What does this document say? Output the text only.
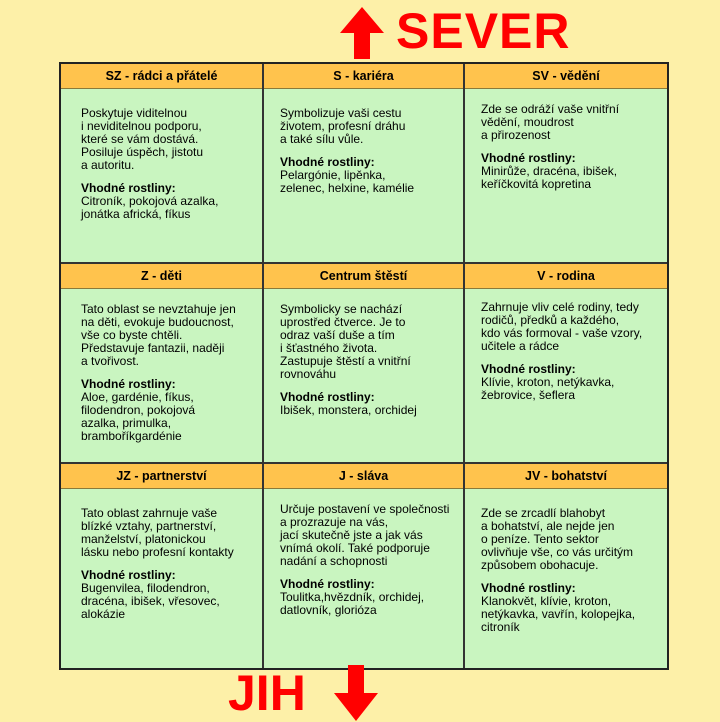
SEVER
SZ - rádci a přátelé

Poskytuje viditelnou
i neviditelnou podporu,
které se vám dostává.
Posiluje úspěch, jistotu
a autoritu.

Vhodné rostliny:

Citroník, pokojová azalka,
jonátka africká, fíkus

S - kariéra

Symbolizuje vaši cestu
životem, profesní dráhu
a také sílu vůle.

Vhodné rostliny:

Pelargónie, lipěnka,
zelenec, helxine, kamélie

SV - vědění

Zde se odráží vaše vnitřní
vědění, moudrost
a přirozenost

Vhodné rostliny:

Minirůže, dracéna, ibišek,
keříčkovitá kopretina

Z - děti

Tato oblast se nevztahuje jen
na děti, evokuje budoucnost,
vše co byste chtěli.
Představuje fantazii, naději
a tvořivost.

Vhodné rostliny:

Aloe, gardénie, fíkus,
filodendron, pokojová
azalka, primulka,
bramboříkgardénie

Centrum štěstí

Symbolicky se nachází
uprostřed čtverce. Je to
odraz vaší duše a tím
i šťastného života.
Zastupuje štěstí a vnitřní
rovnováhu

Vhodné rostliny:

Ibišek, monstera, orchidej

V - rodina

Zahrnuje vliv celé rodiny, tedy
rodičů, předků a každého,
kdo vás formoval - vaše vzory,
učitele a rádce

Vhodné rostliny:

Klívie, kroton, netýkavka,
žebrovice, šeflera

JZ - partnerství

Tato oblast zahrnuje vaše
blízké vztahy, partnerství,
manželství, platonickou
lásku nebo profesní kontakty

Vhodné rostliny:

Bugenvilea, filodendron,
dracéna, ibišek, vřesovec,
alokázie

J - sláva

Určuje postavení ve společnosti
a prozrazuje na vás,
jací skutečně jste a jak vás
vnímá okolí. Také podporuje
nadání a schopnosti

Vhodné rostliny:

Toulitka,hvězdník, orchidej,
datlovník, glorióza

JV - bohatství

Zde se zrcadlí blahobyt
a bohatství, ale nejde jen
o peníze. Tento sektor
ovlivňuje vše, co vás určitým
způsobem obohacuje.

Vhodné rostliny:

Klanokvět, klívie, kroton,
netýkavka, vavřín, kolopejka,
citroník

JIH
